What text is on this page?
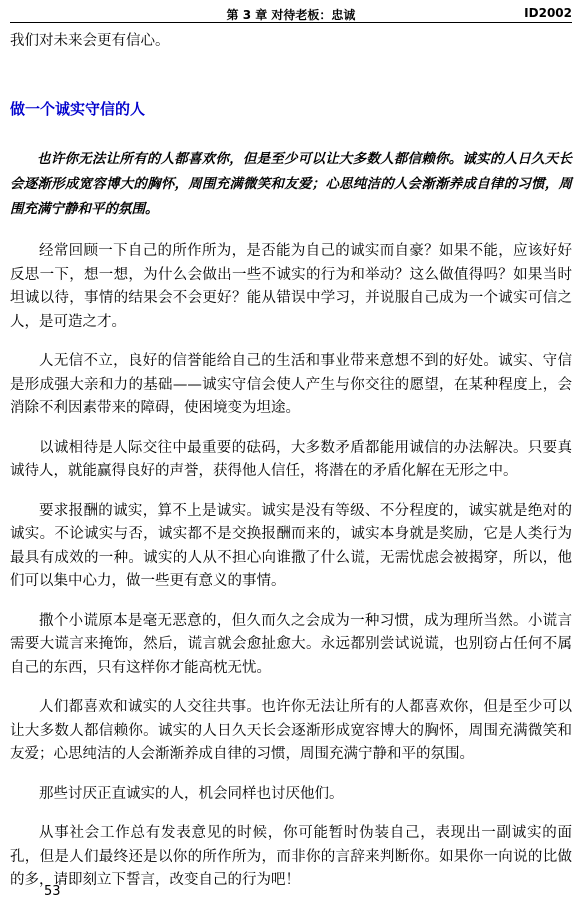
第 3 章 对待老板：忠诚	ID2002

我们对未来会更有信心。

做一个诚实守信的人

也许你无法让所有的人都喜欢你，但是至少可以让大多数人都信赖你。诚实的人日久天长会逐渐形成宽容博大的胸怀，周围充满微笑和友爱；心思纯洁的人会渐渐养成自律的习惯，周围充满宁静和平的氛围。

经常回顾一下自己的所作所为，是否能为自己的诚实而自豪？如果不能，应该好好反思一下，想一想，为什么会做出一些不诚实的行为和举动？这么做值得吗？如果当时坦诚以待，事情的结果会不会更好？能从错误中学习，并说服自己成为一个诚实可信之人，是可造之才。

人无信不立，良好的信誉能给自己的生活和事业带来意想不到的好处。诚实、守信是形成强大亲和力的基础——诚实守信会使人产生与你交往的愿望，在某种程度上，会消除不利因素带来的障碍，使困境变为坦途。

以诚相待是人际交往中最重要的砝码，大多数矛盾都能用诚信的办法解决。只要真诚待人，就能赢得良好的声誉，获得他人信任，将潜在的矛盾化解在无形之中。

要求报酬的诚实，算不上是诚实。诚实是没有等级、不分程度的，诚实就是绝对的诚实。不论诚实与否，诚实都不是交换报酬而来的，诚实本身就是奖励，它是人类行为最具有成效的一种。诚实的人从不担心向谁撒了什么谎，无需忧虑会被揭穿，所以，他们可以集中心力，做一些更有意义的事情。

撒个小谎原本是毫无恶意的，但久而久之会成为一种习惯，成为理所当然。小谎言需要大谎言来掩饰，然后，谎言就会愈扯愈大。永远都别尝试说谎，也别窃占任何不属自己的东西，只有这样你才能高枕无忧。

人们都喜欢和诚实的人交往共事。也许你无法让所有的人都喜欢你，但是至少可以让大多数人都信赖你。诚实的人日久天长会逐渐形成宽容博大的胸怀，周围充满微笑和友爱；心思纯洁的人会渐渐养成自律的习惯，周围充满宁静和平的氛围。

那些讨厌正直诚实的人，机会同样也讨厌他们。

从事社会工作总有发表意见的时候，你可能暂时伪装自己，表现出一副诚实的面孔，但是人们最终还是以你的所作所为，而非你的言辞来判断你。如果你一向说的比做的多，请即刻立下誓言，改变自己的行为吧！

53
